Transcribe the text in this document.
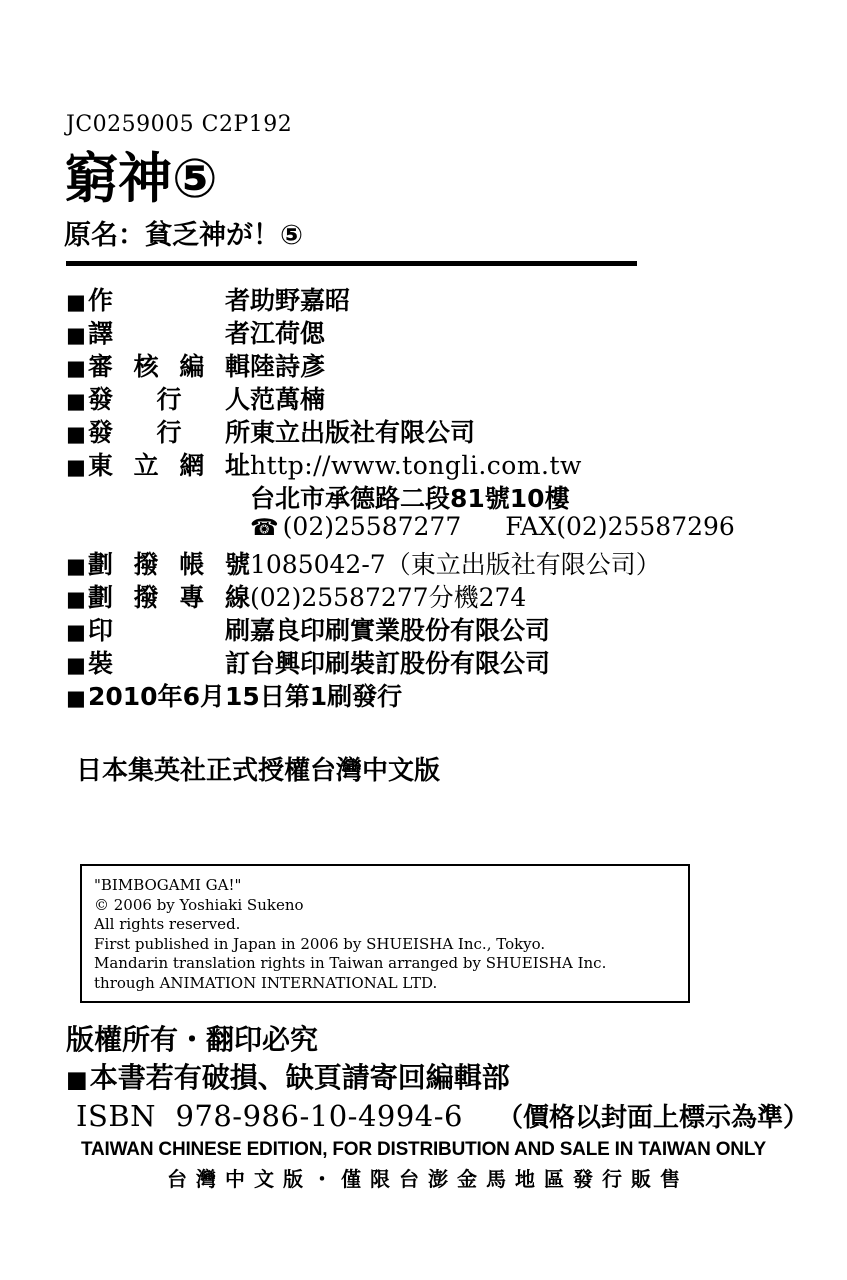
JC0259005 C2P192
窮神⑤
原名：貧乏神が！⑤
■ 作	者 助野嘉昭
■ 譯	者 江荷偲
■ 審 核 編 輯 陸詩彥
■ 發 行 人 范萬楠
■ 發 行 所 東立出版社有限公司
■ 東 立 網 址 http://www.tongli.com.tw
台北市承德路二段81號10樓
☎ (02)25587277 FAX(02)25587296
■ 劃 撥 帳 號 1085042-7（東立出版社有限公司）
■ 劃 撥 專 線 (02)25587277分機274
■ 印	刷 嘉良印刷實業股份有限公司
■ 裝	訂 台興印刷裝訂股份有限公司
■ 2010年6月15日第1刷發行
日本集英社正式授權台灣中文版

"BIMBOGAMI GA!"

© 2006 by Yoshiaki Sukeno

All rights reserved.

First published in Japan in 2006 by SHUEISHA Inc., Tokyo.

Mandarin translation rights in Taiwan arranged by SHUEISHA Inc.

through ANIMATION INTERNATIONAL LTD.

版權所有・翻印必究
■ 本書若有破損、缺頁請寄回編輯部
ISBN  978-986-10-4994-6 （價格以封面上標示為準）
TAIWAN CHINESE EDITION, FOR DISTRIBUTION AND SALE IN TAIWAN ONLY
台灣中文版・僅限台澎金馬地區發行販售
